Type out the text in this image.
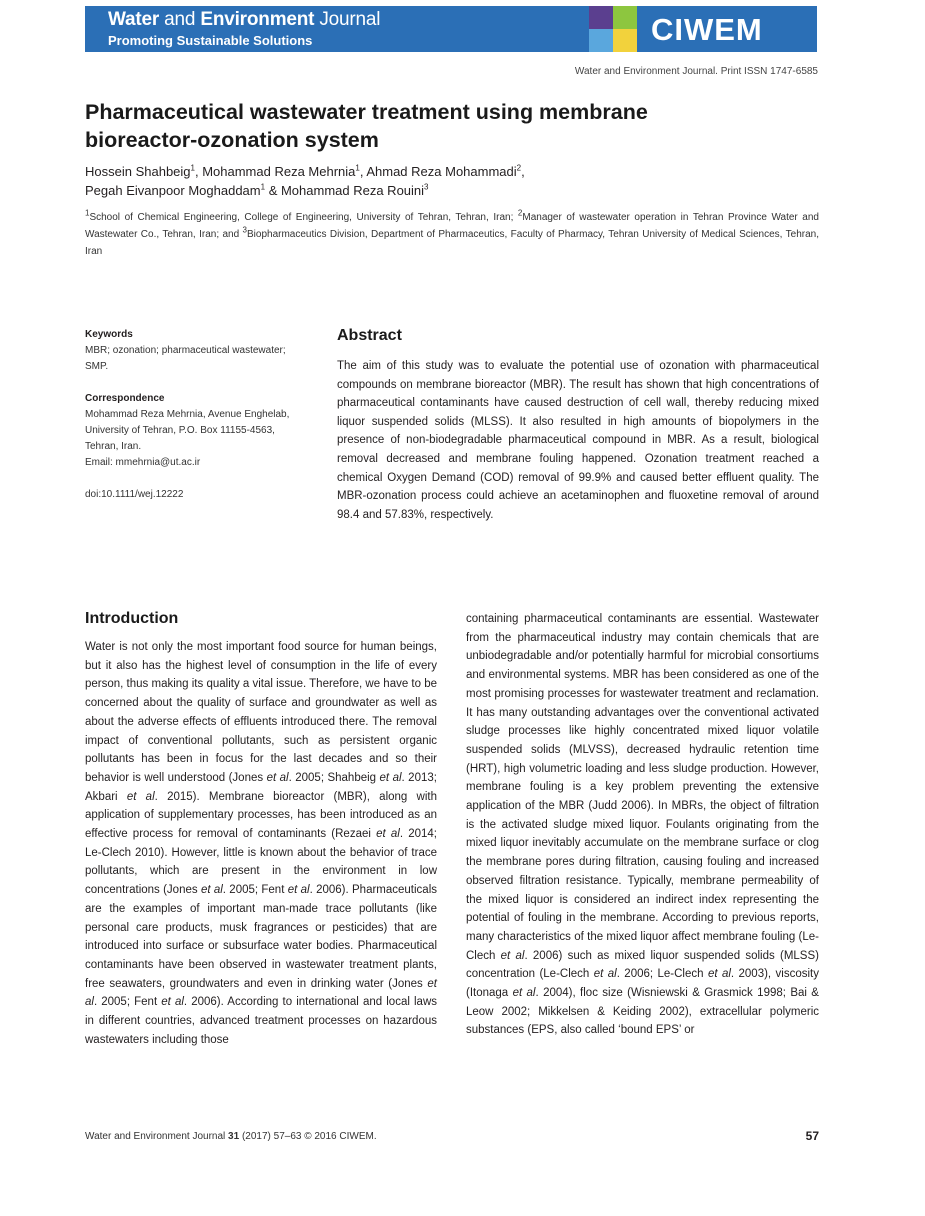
Water and Environment Journal
Promoting Sustainable Solutions	CIWEM
Water and Environment Journal. Print ISSN 1747-6585
Pharmaceutical wastewater treatment using membrane
bioreactor-ozonation system
Hossein Shahbeig$^1$, Mohammad Reza Mehrnia$^1$, Ahmad Reza Mohammadi$^2$,
Pegah Eivanpoor Moghaddam$^1$ & Mohammad Reza Rouini$^3$
$^1$School of Chemical Engineering, College of Engineering, University of Tehran, Tehran, Iran; $^2$Manager of wastewater operation in Tehran Province Water and Wastewater Co., Tehran, Iran; and $^3$Biopharmaceutics Division, Department of Pharmaceutics, Faculty of Pharmacy, Tehran University of Medical Sciences, Tehran, Iran
Keywords
MBR; ozonation; pharmaceutical wastewater; SMP.
Correspondence
Mohammad Reza Mehrnia, Avenue Enghelab,
University of Tehran, P.O. Box 11155-4563,
Tehran, Iran.
Email: mmehrnia@ut.ac.ir
doi:10.1111/wej.12222
Abstract

The aim of this study was to evaluate the potential use of ozonation with pharmaceutical compounds on membrane bioreactor (MBR). The result has shown that high concentrations of pharmaceutical contaminants have caused destruction of cell wall, thereby reducing mixed liquor suspended solids (MLSS). It also resulted in high amounts of biopolymers in the presence of non-biodegradable pharmaceutical compound in MBR. As a result, biological removal decreased and membrane fouling happened. Ozonation treatment reached a chemical Oxygen Demand (COD) removal of 99.9% and caused better effluent quality. The MBR-ozonation process could achieve an acetaminophen and fluoxetine removal of around 98.4 and 57.83%, respectively.

Introduction

Water is not only the most important food source for human beings, but it also has the highest level of consumption in the life of every person, thus making its quality a vital issue. Therefore, we have to be concerned about the quality of surface and groundwater as well as about the adverse effects of effluents introduced there. The removal impact of conventional pollutants, such as persistent organic pollutants has been in focus for the last decades and so their behavior is well understood (Jones et al. 2005; Shahbeig et al. 2013; Akbari et al. 2015). Membrane bioreactor (MBR), along with application of supplementary processes, has been introduced as an effective process for removal of contaminants (Rezaei et al. 2014; Le-Clech 2010). However, little is known about the behavior of trace pollutants, which are present in the environment in low concentrations (Jones et al. 2005; Fent et al. 2006). Pharmaceuticals are the examples of important man-made trace pollutants (like personal care products, musk fragrances or pesticides) that are introduced into surface or subsurface water bodies. Pharmaceutical contaminants have been observed in wastewater treatment plants, free seawaters, groundwaters and even in drinking water (Jones et al. 2005; Fent et al. 2006). According to international and local laws in different countries, advanced treatment processes on hazardous wastewaters including those

containing pharmaceutical contaminants are essential. Wastewater from the pharmaceutical industry may contain chemicals that are unbiodegradable and/or potentially harmful for microbial consortiums and environmental systems. MBR has been considered as one of the most promising processes for wastewater treatment and reclamation. It has many outstanding advantages over the conventional activated sludge processes like highly concentrated mixed liquor volatile suspended solids (MLVSS), decreased hydraulic retention time (HRT), high volumetric loading and less sludge production. However, membrane fouling is a key problem preventing the extensive application of the MBR (Judd 2006). In MBRs, the object of filtration is the activated sludge mixed liquor. Foulants originating from the mixed liquor inevitably accumulate on the membrane surface or clog the membrane pores during filtration, causing fouling and increased observed filtration resistance. Typically, membrane permeability of the mixed liquor is considered an indirect index representing the potential of fouling in the membrane. According to previous reports, many characteristics of the mixed liquor affect membrane fouling (Le-Clech et al. 2006) such as mixed liquor suspended solids (MLSS) concentration (Le-Clech et al. 2006; Le-Clech et al. 2003), viscosity (Itonaga et al. 2004), floc size (Wisniewski & Grasmick 1998; Bai & Leow 2002; Mikkelsen & Keiding 2002), extracellular polymeric substances (EPS, also called ‘bound EPS’ or

Water and Environment Journal 31 (2017) 57–63 © 2016 CIWEM.	57
